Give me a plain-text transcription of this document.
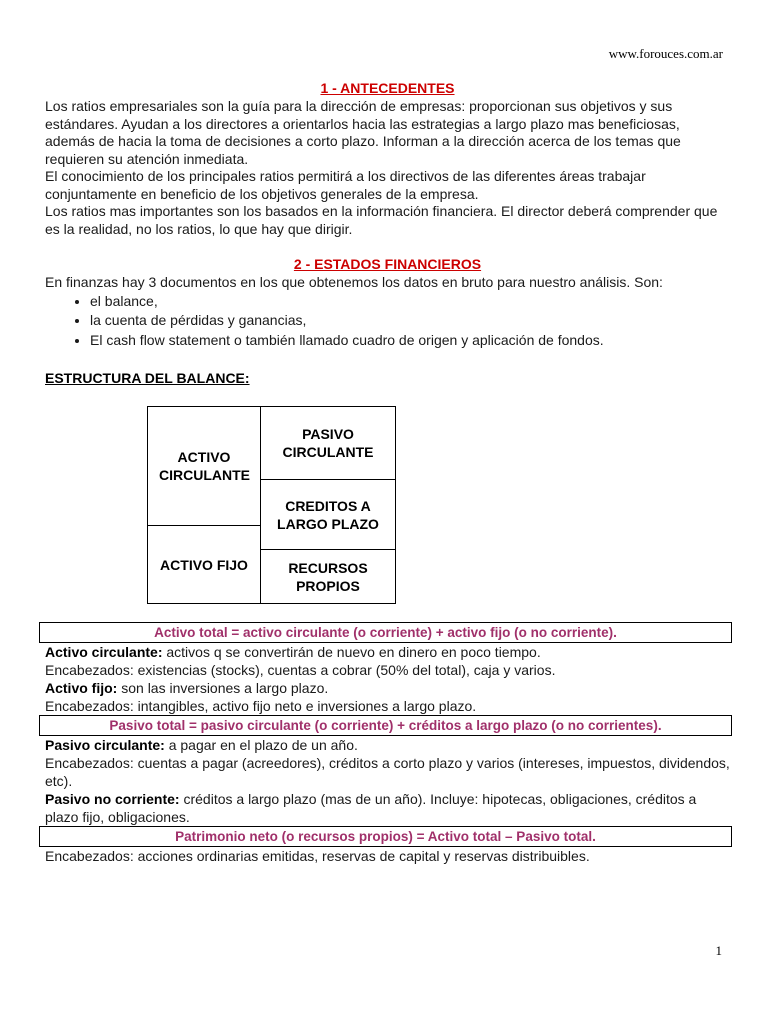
www.forouces.com.ar
1 - ANTECEDENTES

Los ratios empresariales son la guía para la dirección de empresas: proporcionan sus objetivos y sus estándares. Ayudan a los directores a orientarlos hacia las estrategias a largo plazo mas beneficiosas, además de hacia la toma de decisiones a corto plazo. Informan a la dirección acerca de los temas que requieren su atención inmediata.

El conocimiento de los principales ratios permitirá a los directivos de las diferentes áreas trabajar conjuntamente en beneficio de los objetivos generales de la empresa.

Los ratios mas importantes son los basados en la información financiera. El director deberá comprender que es la realidad, no los ratios, lo que hay que dirigir.

2 - ESTADOS FINANCIEROS

En finanzas hay 3 documentos en los que obtenemos los datos en bruto para nuestro análisis. Son:

• el balance,
• la cuenta de pérdidas y ganancias,
• El cash flow statement o también llamado cuadro de origen y aplicación de fondos.
ESTRUCTURA DEL BALANCE:
ACTIVO CIRCULANTE
ACTIVO FIJO
PASIVO CIRCULANTE
CREDITOS A LARGO PLAZO
RECURSOS PROPIOS
Activo total = activo circulante (o corriente) + activo fijo (o no corriente).

Activo circulante: activos q se convertirán de nuevo en dinero en poco tiempo.

Encabezados: existencias (stocks), cuentas a cobrar (50% del total), caja y varios.

Activo fijo: son las inversiones a largo plazo.

Encabezados: intangibles, activo fijo neto e inversiones a largo plazo.

Pasivo total = pasivo circulante (o corriente) + créditos a largo plazo (o no corrientes).

Pasivo circulante: a pagar en el plazo de un año.

Encabezados: cuentas a pagar (acreedores), créditos a corto plazo y varios (intereses, impuestos, dividendos, etc).

Pasivo no corriente: créditos a largo plazo (mas de un año). Incluye: hipotecas, obligaciones, créditos a plazo fijo, obligaciones.

Patrimonio neto (o recursos propios) = Activo total – Pasivo total.

Encabezados: acciones ordinarias emitidas, reservas de capital y reservas distribuibles.

1
